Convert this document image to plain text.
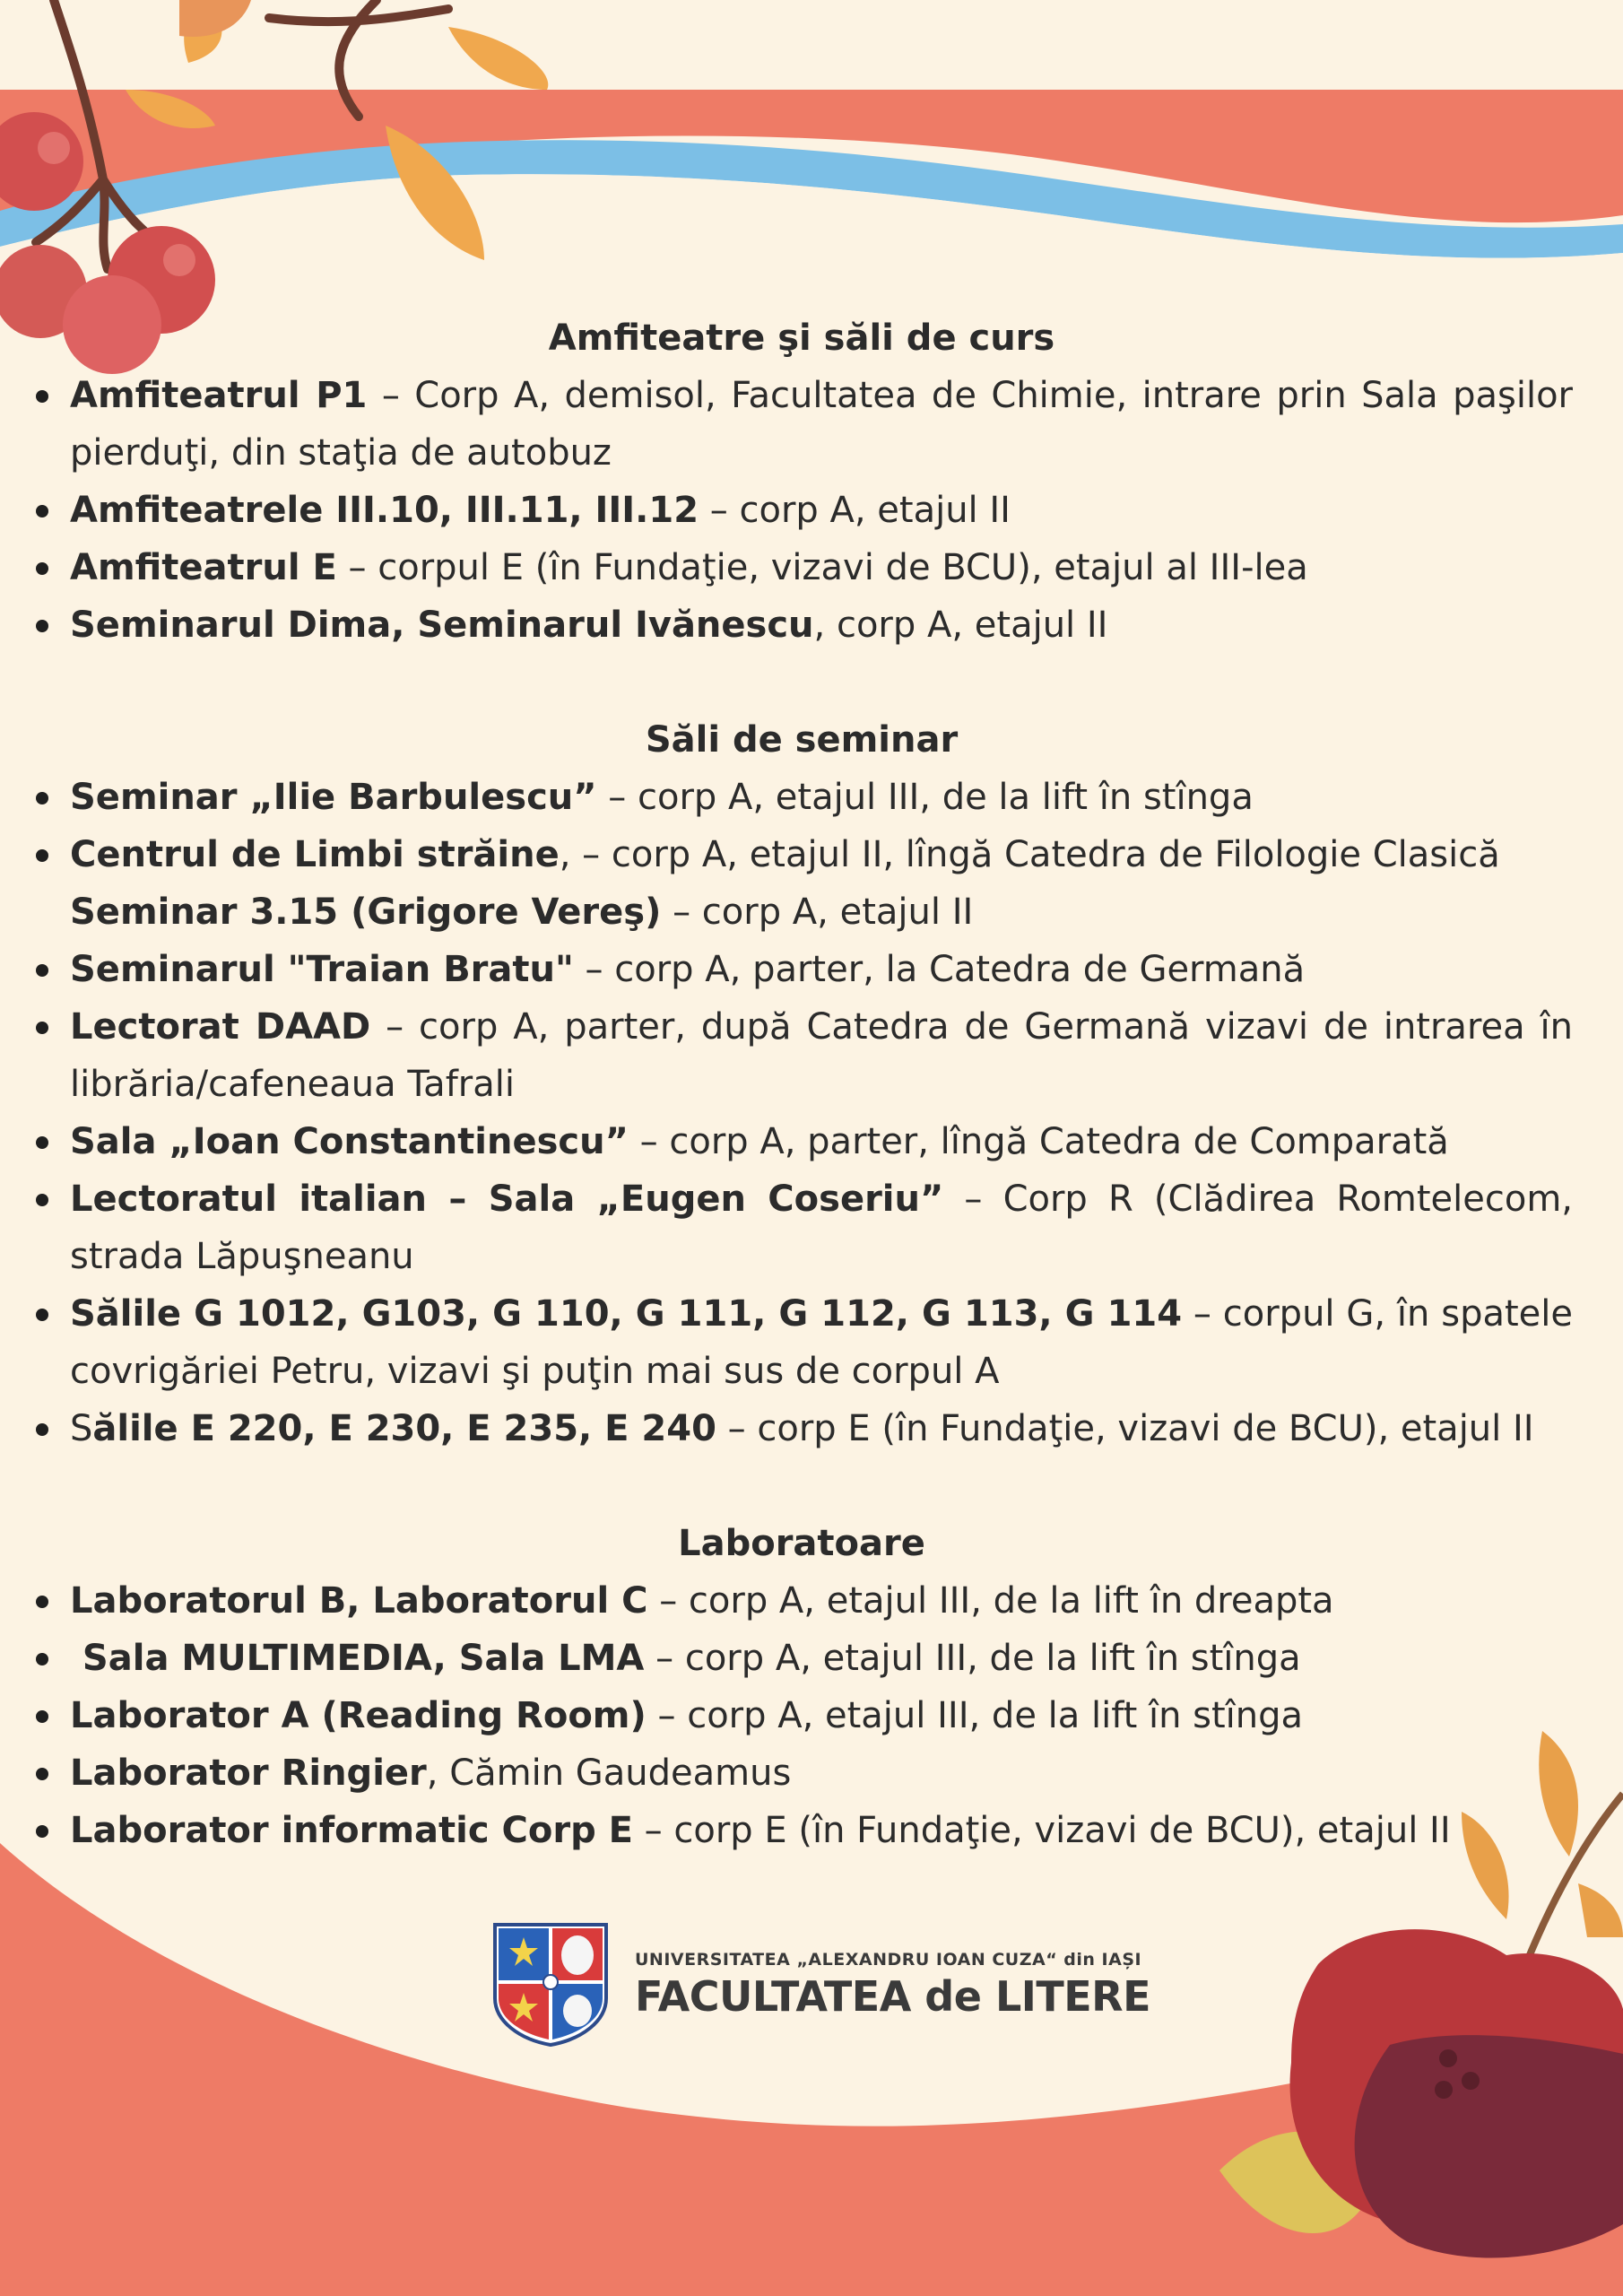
Amfiteatre şi săli de curs

Amfiteatrul P1 – Corp A, demisol, Facultatea de Chimie, intrare prin Sala paşilor pierduţi, din staţia de autobuz
Amfiteatrele III.10, III.11, III.12 – corp A, etajul II
Amfiteatrul E – corpul E (în Fundaţie, vizavi de BCU), etajul al III-lea
Seminarul Dima, Seminarul Ivănescu, corp A, etajul II

Săli de seminar

Seminar „Ilie Barbulescu” – corp A, etajul III, de la lift în stînga
Centrul de Limbi străine, – corp A, etajul II, lîngă Catedra de Filologie Clasică
Seminar 3.15 (Grigore Vereş) – corp A, etajul II
Seminarul "Traian Bratu" – corp A, parter, la Catedra de Germană
Lectorat DAAD – corp A, parter, după Catedra de Germană vizavi de intrarea în librăria/cafeneaua Tafrali
Sala „Ioan Constantinescu” – corp A, parter, lîngă Catedra de Comparată
Lectoratul italian – Sala „Eugen Coseriu” – Corp R (Clădirea Romtelecom, strada Lăpuşneanu
Sălile G 1012, G103, G 110, G 111, G 112, G 113, G 114 – corpul G, în spatele covrigăriei Petru, vizavi şi puţin mai sus de corpul A
Sălile E 220, E 230, E 235, E 240 – corp E (în Fundaţie, vizavi de BCU), etajul II

Laboratoare

Laboratorul B, Laboratorul C – corp A, etajul III, de la lift în dreapta
Sala MULTIMEDIA, Sala LMA – corp A, etajul III, de la lift în stînga
Laborator A (Reading Room) – corp A, etajul III, de la lift în stînga
Laborator Ringier, Cămin Gaudeamus
Laborator informatic Corp E – corp E (în Fundaţie, vizavi de BCU), etajul II
UNIVERSITATEA „ALEXANDRU IOAN CUZA“ din IAȘI
FACULTATEA de LITERE
